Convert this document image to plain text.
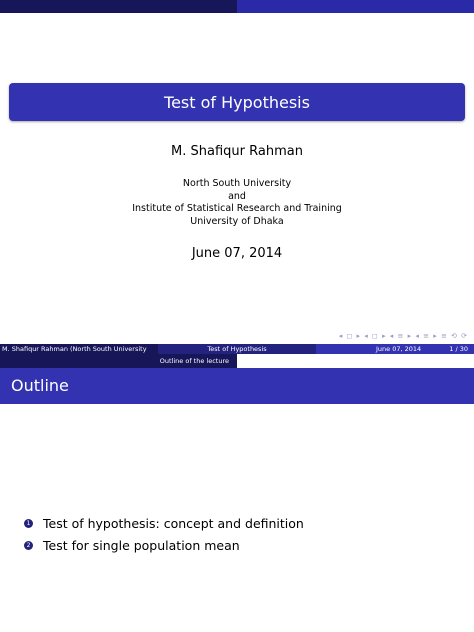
Test of Hypothesis
M. Shafiqur Rahman
North South University
and
Institute of Statistical Research and Training
University of Dhaka
June 07, 2014
◂ ◻ ▸ ◂ ◻ ▸ ◂ ≡ ▸ ◂ ≡ ▸ ≡ ⟲ ⟳
M. Shafiqur Rahman (North South University	Test of Hypothesis	June 07, 2014	1 / 30
Outline of the lecture
Outline
1 Test of hypothesis: concept and definition
2 Test for single population mean
